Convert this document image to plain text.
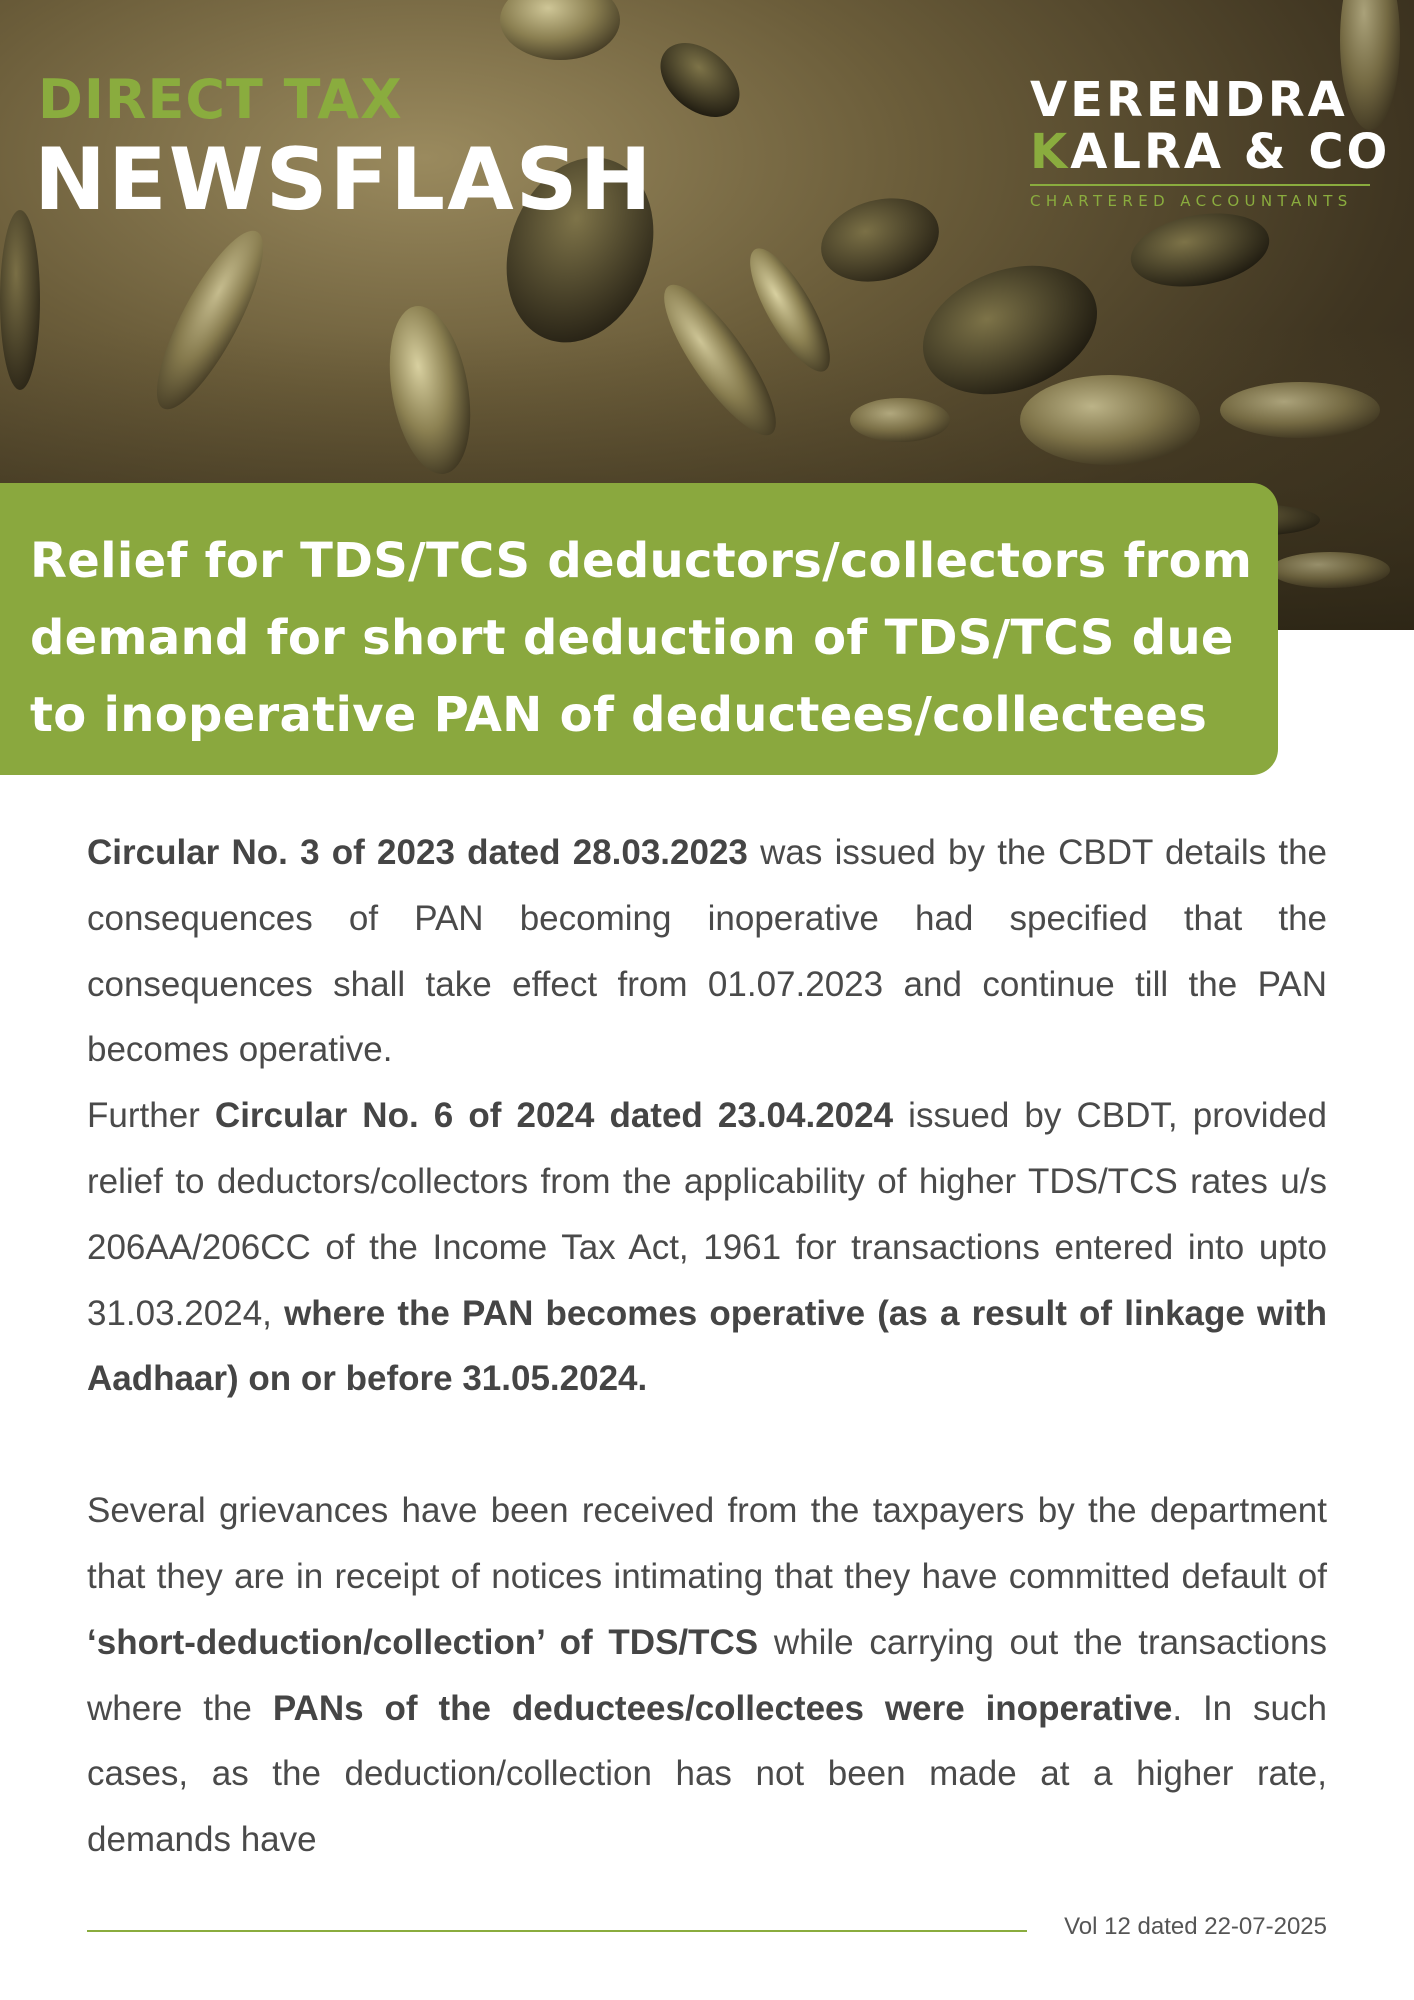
DIRECT TAX
NEWSFLASH
VERENDRA
KALRA & CO
CHARTERED ACCOUNTANTS
Relief for TDS/TCS deductors/collectors from demand for short deduction of TDS/TCS due to inoperative PAN of deductees/collectees

Circular No. 3 of 2023 dated 28.03.2023 was issued by the CBDT details the consequences of PAN becoming inoperative had specified that the consequences shall take effect from 01.07.2023 and continue till the PAN becomes operative.

Further Circular No. 6 of 2024 dated 23.04.2024 issued by CBDT, provided relief to deductors/collectors from the applicability of higher TDS/TCS rates u/s 206AA/206CC of the Income Tax Act, 1961 for transactions entered into upto 31.03.2024, where the PAN becomes operative (as a result of linkage with Aadhaar) on or before 31.05.2024.

Several grievances have been received from the taxpayers by the department that they are in receipt of notices intimating that they have committed default of ‘short-deduction/collection’ of TDS/TCS while carrying out the transactions where the PANs of the deductees/collectees were inoperative. In such cases, as the deduction/collection has not been made at a higher rate, demands have

Vol 12 dated 22-07-2025
